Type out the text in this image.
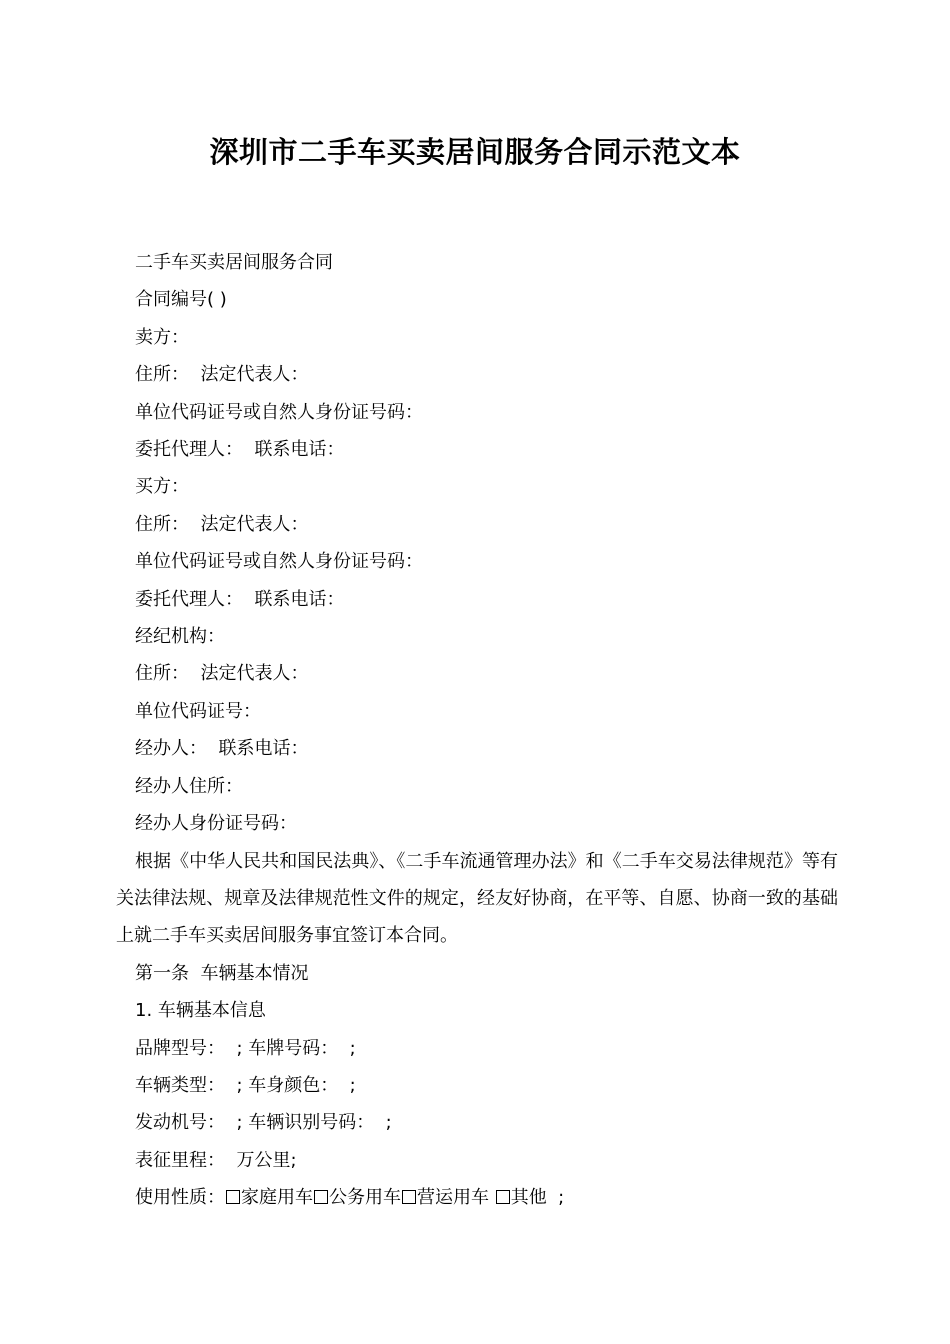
深圳市二手车买卖居间服务合同示范文本

二手车买卖居间服务合同

合同编号( )

卖方：

住所：  法定代表人：

单位代码证号或自然人身份证号码：

委托代理人：  联系电话：

买方：

住所：  法定代表人：

单位代码证号或自然人身份证号码：

委托代理人：  联系电话：

经纪机构：

住所：  法定代表人：

单位代码证号：

经办人：  联系电话：

经办人住所：

经办人身份证号码：

根据《中华人民共和国民法典》、《二手车流通管理办法》和《二手车交易法律规范》等有关法律法规、规章及法律规范性文件的规定，经友好协商，在平等、自愿、协商一致的基础上就二手车买卖居间服务事宜签订本合同。

第一条  车辆基本情况

1. 车辆基本信息

品牌型号：  ; 车牌号码：  ;

车辆类型：  ; 车身颜色：  ;

发动机号：  ; 车辆识别号码：  ;

表征里程：  万公里;

使用性质： 家庭用车 公务用车 营运用车 其他  ;
